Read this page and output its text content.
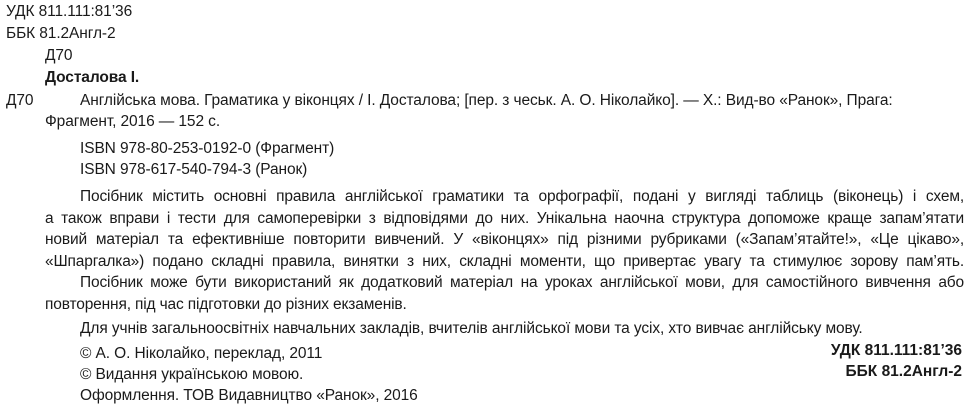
УДК 811.111:81’36
ББК 81.2Англ-2
Д70
Досталова І.
Д70	Англійська мова. Граматика у віконцях / І. Досталова; [пер. з чеськ. А. О. Ніколайко]. — Х.: Вид-во «Ранок», Прага:
Фрагмент, 2016 — 152 с.
ISBN 978-80-253-0192-0 (Фрагмент)
ISBN 978-617-540-794-3 (Ранок)
Посібник містить основні правила англійської граматики та орфографії, подані у вигляді таблиць (віконець) і схем,
а також вправи і тести для самоперевірки з відповідями до них. Унікальна наочна структура допоможе краще запам’ятати
новий матеріал та ефективніше повторити вивчений. У «віконцях» під різними рубриками («Запам’ятайте!», «Це цікаво»,
«Шпаргалка») подано складні правила, винятки з них, складні моменти, що привертає увагу та стимулює зорову пам’ять.
Посібник може бути використаний як додатковий матеріал на уроках англійської мови, для самостійного вивчення або
повторення, під час підготовки до різних екзаменів.
Для учнів загальноосвітніх навчальних закладів, вчителів англійської мови та усіх, хто вивчає англійську мову.
© А. О. Ніколайко, переклад, 2011
© Видання українською мовою.
Оформлення. ТОВ Видавництво «Ранок», 2016
УДК 811.111:81’36
ББК 81.2Англ-2
